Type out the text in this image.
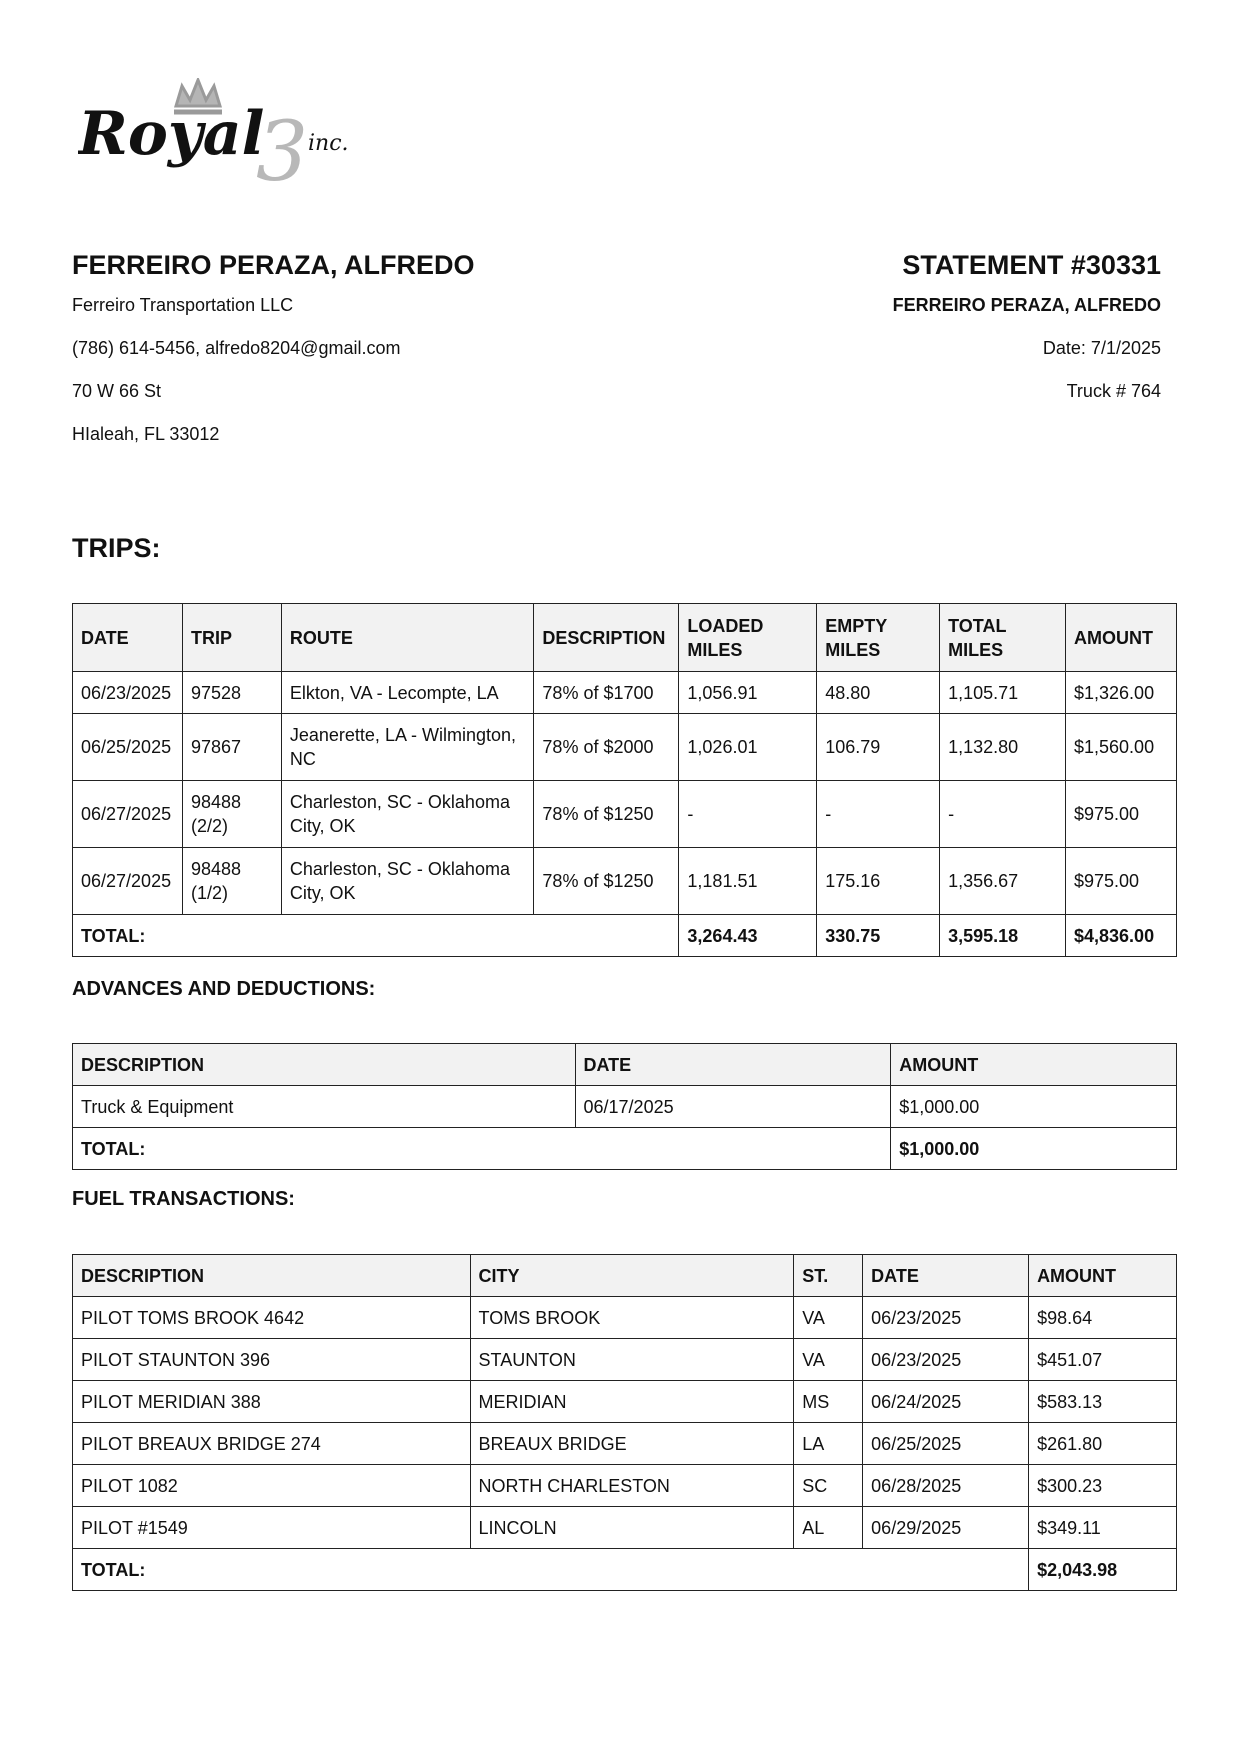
3
Royal inc.
FERREIRO PERAZA, ALFREDO
Ferreiro Transportation LLC
(786) 614-5456, alfredo8204@gmail.com
70 W 66 St
HIaleah, FL 33012
STATEMENT #30331
FERREIRO PERAZA, ALFREDO
Date: 7/1/2025
Truck # 764
TRIPS:
DATE	TRIP	ROUTE	DESCRIPTION	LOADED MILES	EMPTY MILES	TOTAL MILES	AMOUNT
06/23/2025	97528	Elkton, VA - Lecompte, LA	78% of $1700	1,056.91	48.80	1,105.71	$1,326.00
06/25/2025	97867	Jeanerette, LA - Wilmington, NC	78% of $2000	1,026.01	106.79	1,132.80	$1,560.00
06/27/2025	98488 (2/2)	Charleston, SC - Oklahoma City, OK	78% of $1250	-	-	-	$975.00
06/27/2025	98488 (1/2)	Charleston, SC - Oklahoma City, OK	78% of $1250	1,181.51	175.16	1,356.67	$975.00
TOTAL:				3,264.43	330.75	3,595.18	$4,836.00
ADVANCES AND DEDUCTIONS:
DESCRIPTION	DATE	AMOUNT
Truck & Equipment	06/17/2025	$1,000.00
TOTAL:		$1,000.00
FUEL TRANSACTIONS:
DESCRIPTION	CITY	ST.	DATE	AMOUNT
PILOT TOMS BROOK 4642	TOMS BROOK	VA	06/23/2025	$98.64
PILOT STAUNTON 396	STAUNTON	VA	06/23/2025	$451.07
PILOT MERIDIAN 388	MERIDIAN	MS	06/24/2025	$583.13
PILOT BREAUX BRIDGE 274	BREAUX BRIDGE	LA	06/25/2025	$261.80
PILOT 1082	NORTH CHARLESTON	SC	06/28/2025	$300.23
PILOT #1549	LINCOLN	AL	06/29/2025	$349.11
TOTAL:				$2,043.98
